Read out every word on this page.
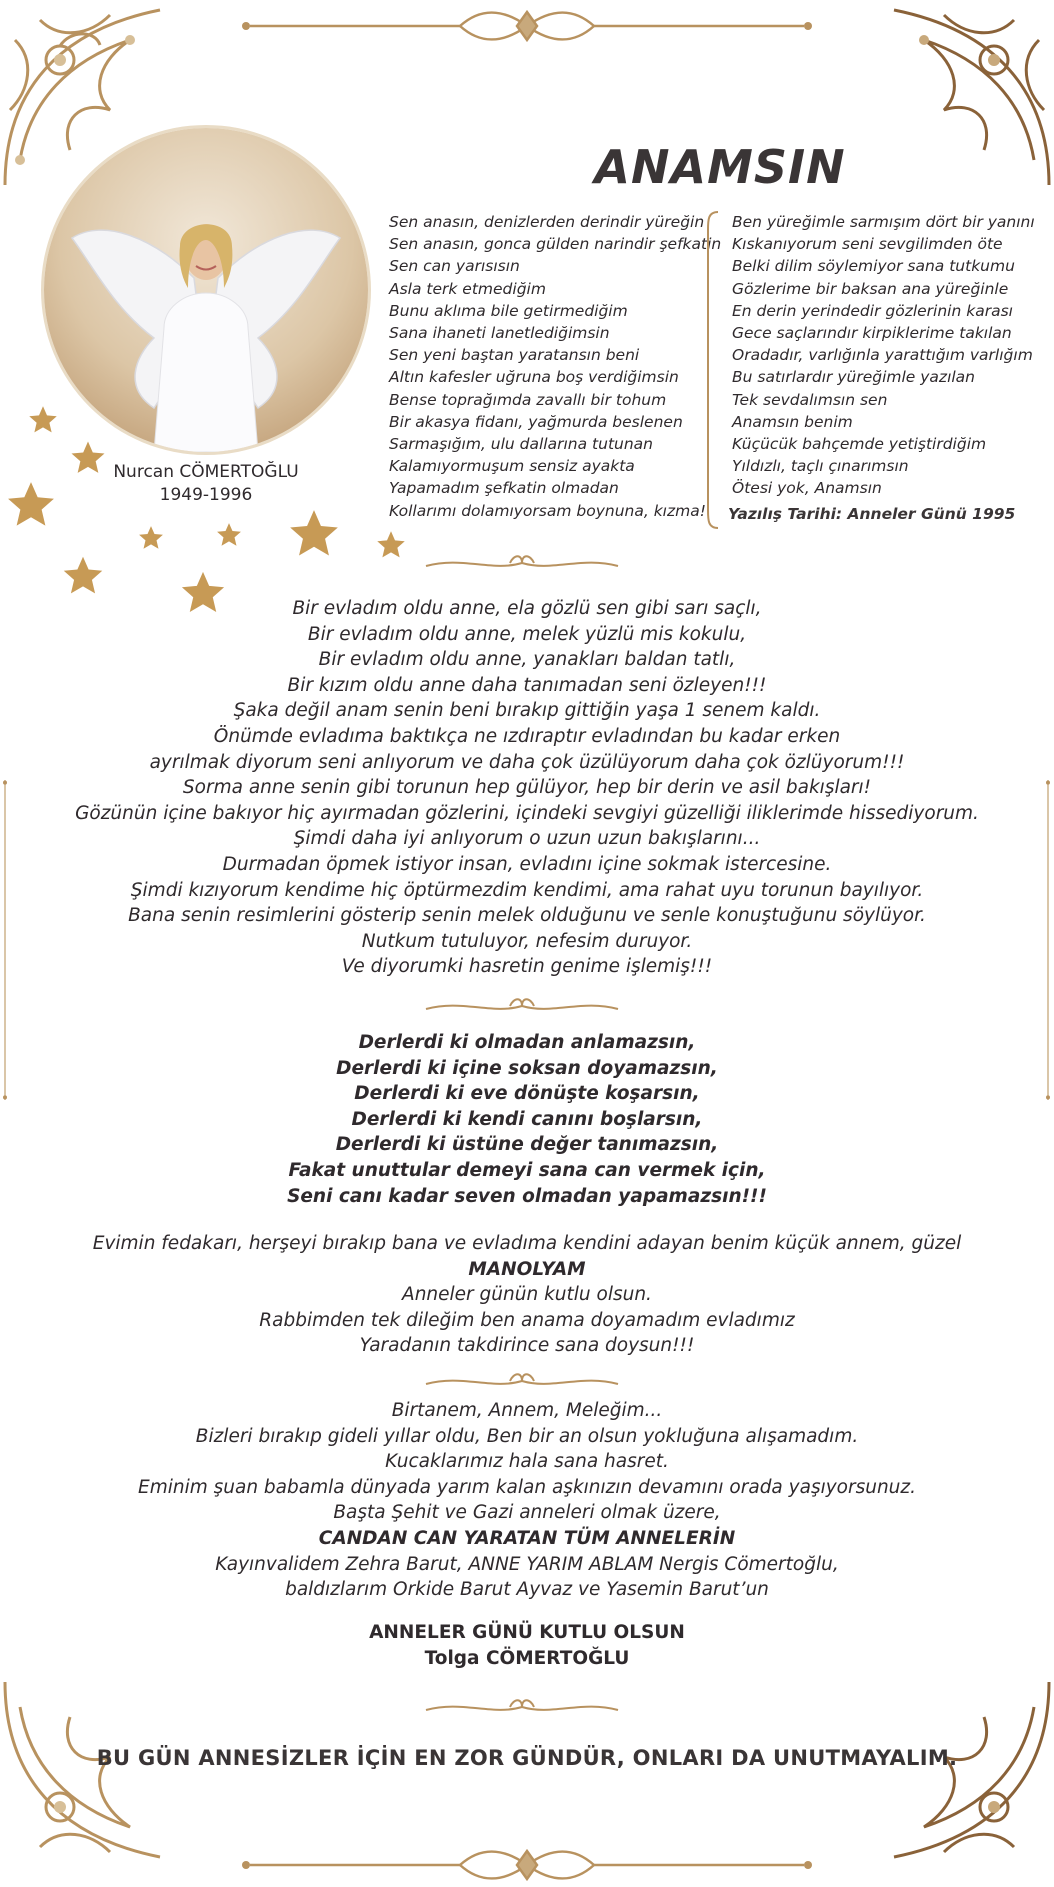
ANAMSIN
Nurcan CÖMERTOĞLU
1949-1996
Sen anasın, denizlerden derindir yüreğin
Sen anasın, gonca gülden narindir şefkatin
Sen can yarısısın
Asla terk etmediğim
Bunu aklıma bile getirmediğim
Sana ihaneti lanetlediğimsin
Sen yeni baştan yaratansın beni
Altın kafesler uğruna boş verdiğimsin
Bense toprağımda zavallı bir tohum
Bir akasya fidanı, yağmurda beslenen
Sarmaşığım, ulu dallarına tutunan
Kalamıyormuşum sensiz ayakta
Yapamadım şefkatin olmadan
Kollarımı dolamıyorsam boynuna, kızma!
Ben yüreğimle sarmışım dört bir yanını
Kıskanıyorum seni sevgilimden öte
Belki dilim söylemiyor sana tutkumu
Gözlerime bir baksan ana yüreğinle
En derin yerindedir gözlerinin karası
Gece saçlarındır kirpiklerime takılan
Oradadır, varlığınla yarattığım varlığım
Bu satırlardır yüreğimle yazılan
Tek sevdalımsın sen
Anamsın benim
Küçücük bahçemde yetiştirdiğim
Yıldızlı, taçlı çınarımsın
Ötesi yok, Anamsın
Yazılış Tarihi: Anneler Günü 1995
Bir evladım oldu anne, ela gözlü sen gibi sarı saçlı,
Bir evladım oldu anne, melek yüzlü mis kokulu,
Bir evladım oldu anne, yanakları baldan tatlı,
Bir kızım oldu anne daha tanımadan seni özleyen!!!
Şaka değil anam senin beni bırakıp gittiğin yaşa 1 senem kaldı.
Önümde evladıma baktıkça ne ızdıraptır evladından bu kadar erken
ayrılmak diyorum seni anlıyorum ve daha çok üzülüyorum daha çok özlüyorum!!!
Sorma anne senin gibi torunun hep gülüyor, hep bir derin ve asil bakışları!
Gözünün içine bakıyor hiç ayırmadan gözlerini, içindeki sevgiyi güzelliği iliklerimde hissediyorum.
Şimdi daha iyi anlıyorum o uzun uzun bakışlarını...
Durmadan öpmek istiyor insan, evladını içine sokmak istercesine.
Şimdi kızıyorum kendime hiç öptürmezdim kendimi, ama rahat uyu torunun bayılıyor.
Bana senin resimlerini gösterip senin melek olduğunu ve senle konuştuğunu söylüyor.
Nutkum tutuluyor, nefesim duruyor.
Ve diyorumki hasretin genime işlemiş!!!
Derlerdi ki olmadan anlamazsın,
Derlerdi ki içine soksan doyamazsın,
Derlerdi ki eve dönüşte koşarsın,
Derlerdi ki kendi canını boşlarsın,
Derlerdi ki üstüne değer tanımazsın,
Fakat unuttular demeyi sana can vermek için,
Seni canı kadar seven olmadan yapamazsın!!!
Evimin fedakarı, herşeyi bırakıp bana ve evladıma kendini adayan benim küçük annem, güzel
MANOLYAM
Anneler günün kutlu olsun.
Rabbimden tek dileğim ben anama doyamadım evladımız
Yaradanın takdirince sana doysun!!!
Birtanem, Annem, Meleğim...
Bizleri bırakıp gideli yıllar oldu, Ben bir an olsun yokluğuna alışamadım.
Kucaklarımız hala sana hasret.
Eminim şuan babamla dünyada yarım kalan aşkınızın devamını orada yaşıyorsunuz.
Başta Şehit ve Gazi anneleri olmak üzere,
CANDAN CAN YARATAN TÜM ANNELERİN
Kayınvalidem Zehra Barut, ANNE YARIM ABLAM Nergis Cömertoğlu,
baldızlarım Orkide Barut Ayvaz ve Yasemin Barut’un
ANNELER GÜNÜ KUTLU OLSUN
Tolga CÖMERTOĞLU
BU GÜN ANNESİZLER İÇİN EN ZOR GÜNDÜR, ONLARI DA UNUTMAYALIM.
